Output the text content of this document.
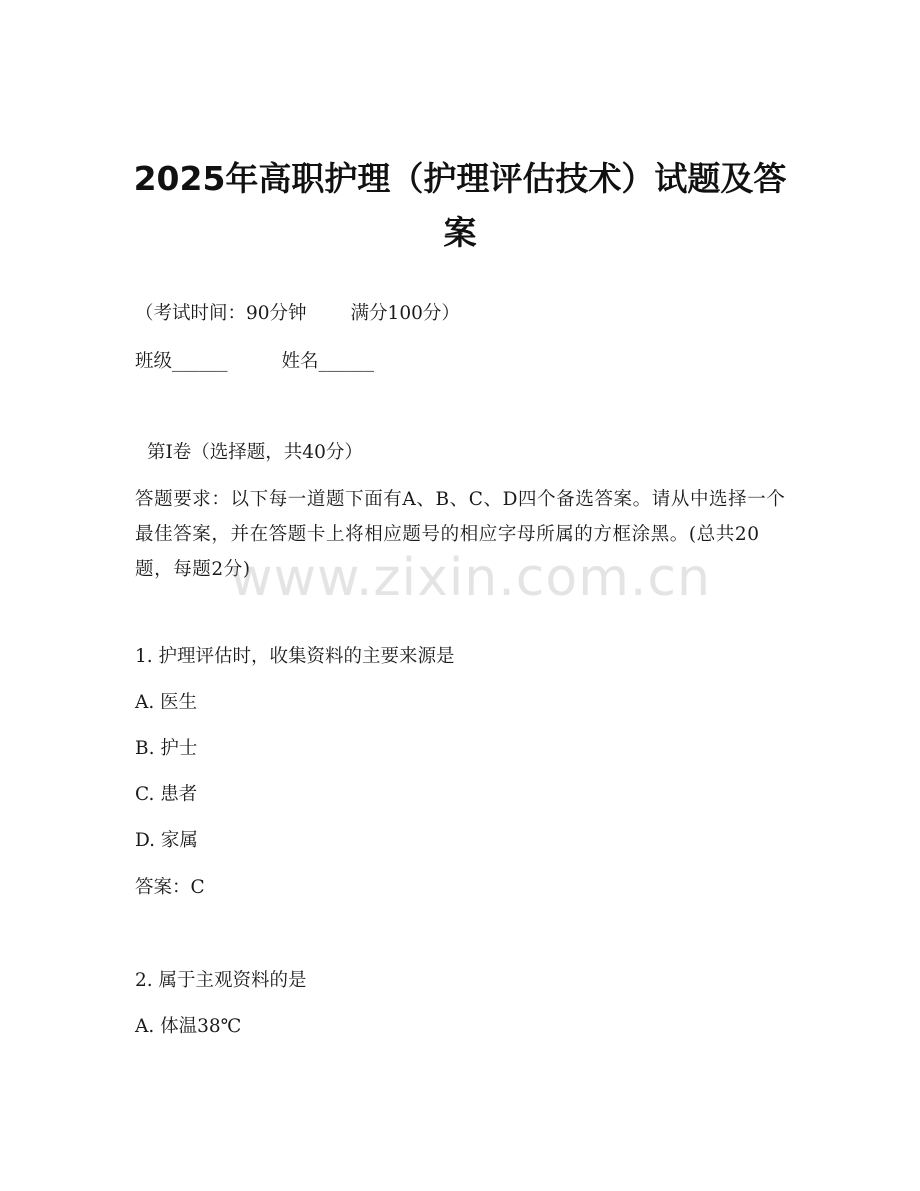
2025年高职护理（护理评估技术）试题及答案

（考试时间：90分钟 满分100分）

班级______	姓名______

第Ⅰ卷（选择题，共40分）

答题要求：以下每一道题下面有A、B、C、D四个备选答案。请从中选择一个最佳答案，并在答题卡上将相应题号的相应字母所属的方框涂黑。(总共20题，每题2分)

1. 护理评估时，收集资料的主要来源是

A. 医生

B. 护士

C. 患者

D. 家属

答案：C

2. 属于主观资料的是

A. 体温38℃

www.zixin.com.cn
